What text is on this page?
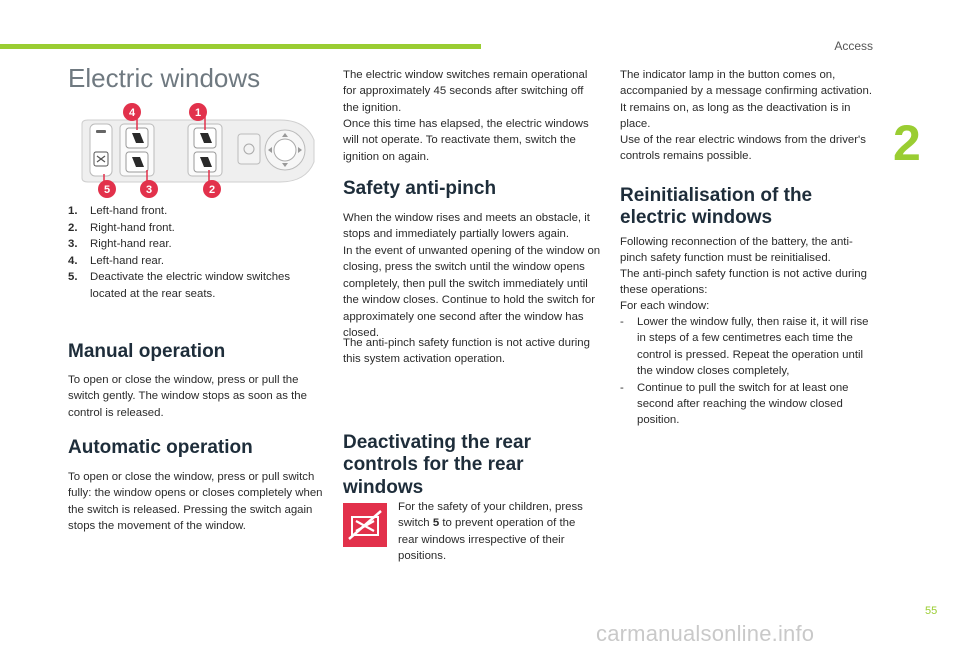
Access
2
Electric windows
4	1
5	3	2
1.	Left-hand front.
2.	Right-hand front.
3.	Right-hand rear.
4.	Left-hand rear.
5.	Deactivate the electric window switches located at the rear seats.
Manual operation

To open or close the window, press or pull the switch gently. The window stops as soon as the control is released.

Automatic operation

To open or close the window, press or pull switch fully: the window opens or closes completely when the switch is released. Pressing the switch again stops the movement of the window.

The electric window switches remain operational for approximately 45 seconds after switching off the ignition.

Once this time has elapsed, the electric windows will not operate. To reactivate them, switch the ignition on again.

Safety anti-pinch

When the window rises and meets an obstacle, it stops and immediately partially lowers again.

In the event of unwanted opening of the window on closing, press the switch until the window opens completely, then pull the switch immediately until the window closes. Continue to hold the switch for approximately one second after the window has closed.

The anti-pinch safety function is not active during this system activation operation.

Deactivating the rear controls for the rear windows

For the safety of your children, press switch 5 to prevent operation of the rear windows irrespective of their positions.

The indicator lamp in the button comes on, accompanied by a message confirming activation. It remains on, as long as the deactivation is in place.

Use of the rear electric windows from the driver's controls remains possible.

Reinitialisation of the electric windows

Following reconnection of the battery, the anti-pinch safety function must be reinitialised.

The anti-pinch safety function is not active during these operations:

For each window:

-	Lower the window fully, then raise it, it will rise in steps of a few centimetres each time the control is pressed. Repeat the operation until the window closes completely,
-	Continue to pull the switch for at least one second after reaching the window closed position.
55
carmanualsonline.info
